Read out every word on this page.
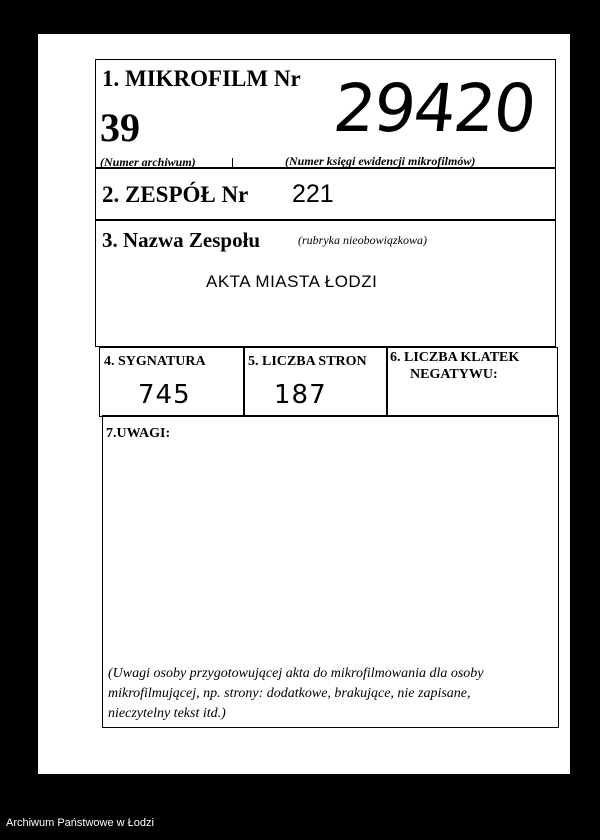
1. MIKROFILM Nr
39
(Numer archiwum)
29420
(Numer księgi ewidencji mikrofilmów)
2. ZESPÓŁ Nr 221
3. Nazwa Zespołu	(rubryka nieobowiązkowa)
AKTA MIASTA ŁODZI
4. SYGNATURA
745
5. LICZBA STRON
187
6. LICZBA KLATEK
NEGATYWU:
7.UWAGI:
(Uwagi osoby przygotowującej akta do mikrofilmowania dla osoby
mikrofilmującej, np. strony: dodatkowe, brakujące, nie zapisane,
nieczytelny tekst itd.)
Archiwum Państwowe w Łodzi
